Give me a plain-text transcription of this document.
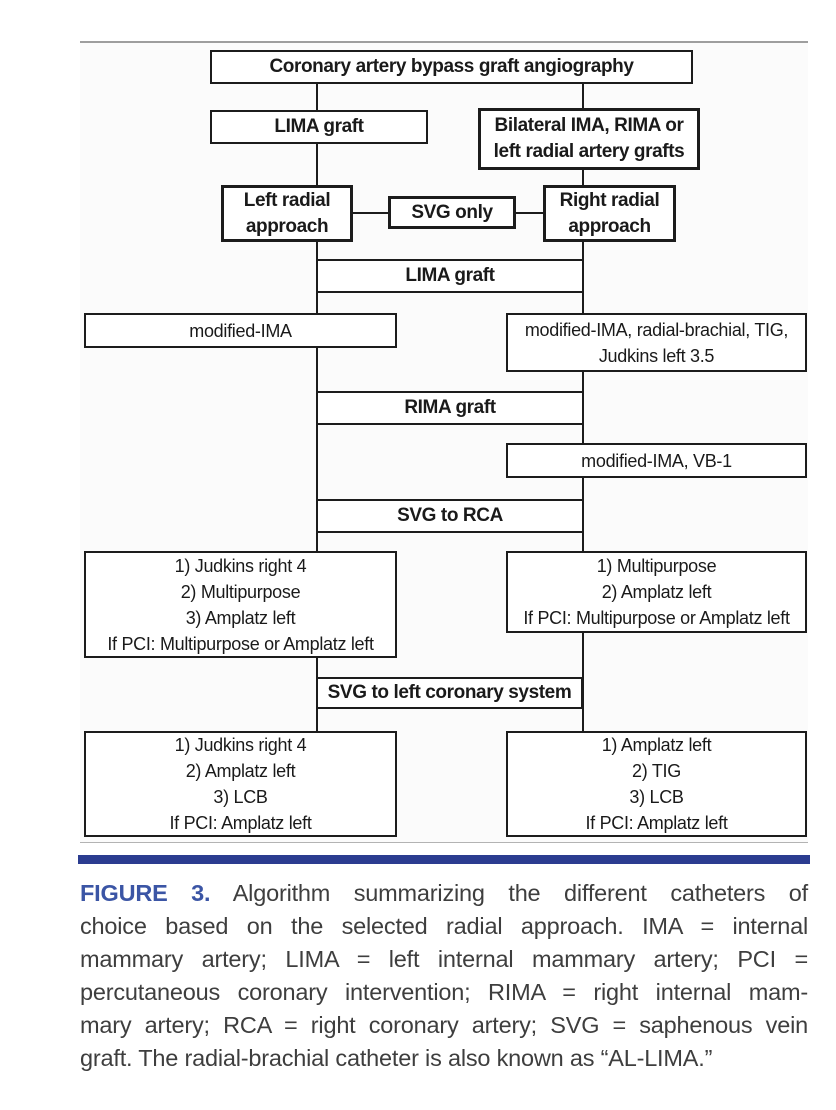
Coronary artery bypass graft angiography
LIMA graft	Bilateral IMA, RIMA or
left radial artery grafts
Left radial
approach
SVG only
Right radial
approach
LIMA graft
modified-IMA	modified-IMA, radial-brachial, TIG,
Judkins left 3.5
RIMA graft
modified-IMA, VB-1
SVG to RCA
1) Judkins right 4
2) Multipurpose
3) Amplatz left
If PCI: Multipurpose or Amplatz left
1) Multipurpose
2) Amplatz left
If PCI: Multipurpose or Amplatz left
SVG to left coronary system
1) Judkins right 4
2) Amplatz left
3) LCB
If PCI: Amplatz left
1) Amplatz left
2) TIG
3) LCB
If PCI: Amplatz left
FIGURE 3. Algorithm summarizing the different catheters of
choice based on the selected radial approach. IMA = internal
mammary artery; LIMA = left internal mammary artery; PCI =
percutaneous coronary intervention; RIMA = right internal mam-
mary artery; RCA = right coronary artery; SVG = saphenous vein
graft. The radial-brachial catheter is also known as “AL-LIMA.”
